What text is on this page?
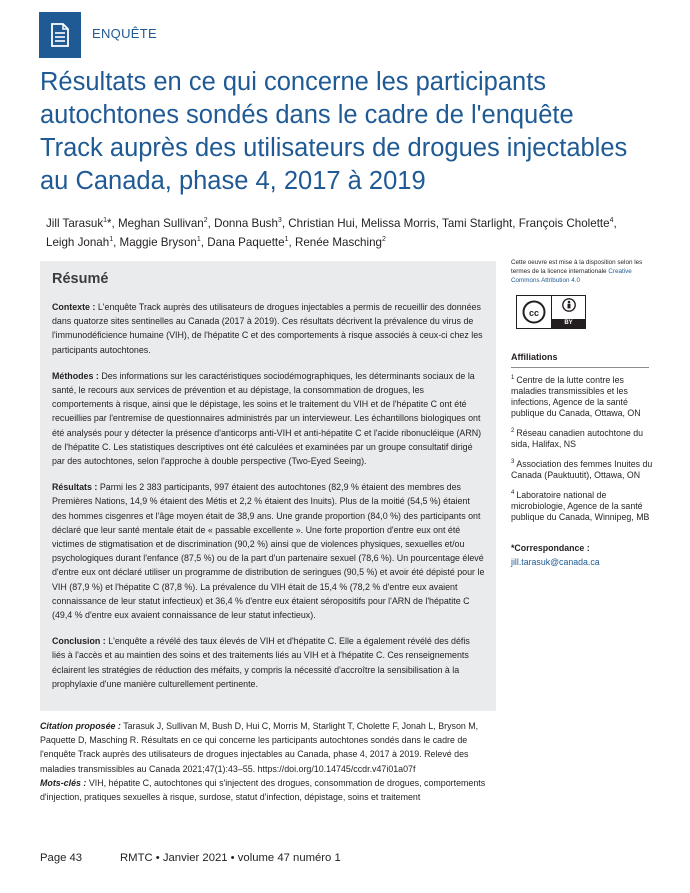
ENQUÊTE
Résultats en ce qui concerne les participants autochtones sondés dans le cadre de l'enquête Track auprès des utilisateurs de drogues injectables au Canada, phase 4, 2017 à 2019

Jill Tarasuk$^1$*, Meghan Sullivan$^2$, Donna Bush$^3$, Christian Hui, Melissa Morris, Tami Starlight, François Cholette$^4$, Leigh Jonah$^1$, Maggie Bryson$^1$, Dana Paquette$^1$, Renée Masching$^2$

Résumé

Contexte : L'enquête Track auprès des utilisateurs de drogues injectables a permis de recueillir des données dans quatorze sites sentinelles au Canada (2017 à 2019). Ces résultats décrivent la prévalence du virus de l'immunodéficience humaine (VIH), de l'hépatite C et des comportements à risque associés à ceux-ci chez les participants autochtones.

Méthodes : Des informations sur les caractéristiques sociodémographiques, les déterminants sociaux de la santé, le recours aux services de prévention et au dépistage, la consommation de drogues, les comportements à risque, ainsi que le dépistage, les soins et le traitement du VIH et de l'hépatite C ont été recueillies par l'entremise de questionnaires administrés par un intervieweur. Les échantillons biologiques ont été analysés pour y détecter la présence d'anticorps anti-VIH et anti-hépatite C et l'acide ribonucléique (ARN) de l'hépatite C. Les statistiques descriptives ont été calculées et examinées par un groupe consultatif dirigé par des autochtones, selon l'approche à double perspective (Two-Eyed Seeing).

Résultats : Parmi les 2 383 participants, 997 étaient des autochtones (82,9 % étaient des membres des Premières Nations, 14,9 % étaient des Métis et 2,2 % étaient des Inuits). Plus de la moitié (54,5 %) étaient des hommes cisgenres et l'âge moyen était de 38,9 ans. Une grande proportion (84,0 %) des participants ont déclaré que leur santé mentale était de « passable excellente ». Une forte proportion d'entre eux ont été victimes de stigmatisation et de discrimination (90,2 %) ainsi que de violences physiques, sexuelles et/ou psychologiques durant l'enfance (87,5 %) ou de la part d'un partenaire sexuel (78,6 %). Un pourcentage élevé d'entre eux ont déclaré utiliser un programme de distribution de seringues (90,5 %) et avoir été dépisté pour le VIH (87,9 %) et l'hépatite C (87,8 %). La prévalence du VIH était de 15,4 % (78,2 % d'entre eux avaient connaissance de leur statut infectieux) et 36,4 % d'entre eux étaient séropositifs pour l'ARN de l'hépatite C (49,4 % d'entre eux avaient connaissance de leur statut infectieux).

Conclusion : L'enquête a révélé des taux élevés de VIH et d'hépatite C. Elle a également révélé des défis liés à l'accès et au maintien des soins et des traitements liés au VIH et à l'hépatite C. Ces renseignements éclairent les stratégies de réduction des méfaits, y compris la nécessité d'accroître la sensibilisation à la prophylaxie d'une manière culturellement pertinente.

Citation proposée : Tarasuk J, Sullivan M, Bush D, Hui C, Morris M, Starlight T, Cholette F, Jonah L, Bryson M, Paquette D, Masching R. Résultats en ce qui concerne les participants autochtones sondés dans le cadre de l'enquête Track auprès des utilisateurs de drogues injectables au Canada, phase 4, 2017 à 2019. Relevé des maladies transmissibles au Canada 2021;47(1):43–55. https://doi.org/10.14745/ccdr.v47i01a07f
Mots-clés : VIH, hépatite C, autochtones qui s'injectent des drogues, consommation de drogues, comportements d'injection, pratiques sexuelles à risque, surdose, statut d'infection, dépistage, soins et traitement

Cette oeuvre est mise à la disposition selon les termes de la licence internationale Creative Commons Attribution 4.0

cc
BY
Affiliations
$^1$ Centre de la lutte contre les maladies transmissibles et les infections, Agence de la santé publique du Canada, Ottawa, ON
$^2$ Réseau canadien autochtone du sida, Halifax, NS
$^3$ Association des femmes Inuites du Canada (Pauktuutit), Ottawa, ON
$^4$ Laboratoire national de microbiologie, Agence de la santé publique du Canada, Winnipeg, MB
*Correspondance :
jill.tarasuk@canada.ca
Page 43	RMTC • Janvier 2021 • volume 47 numéro 1
